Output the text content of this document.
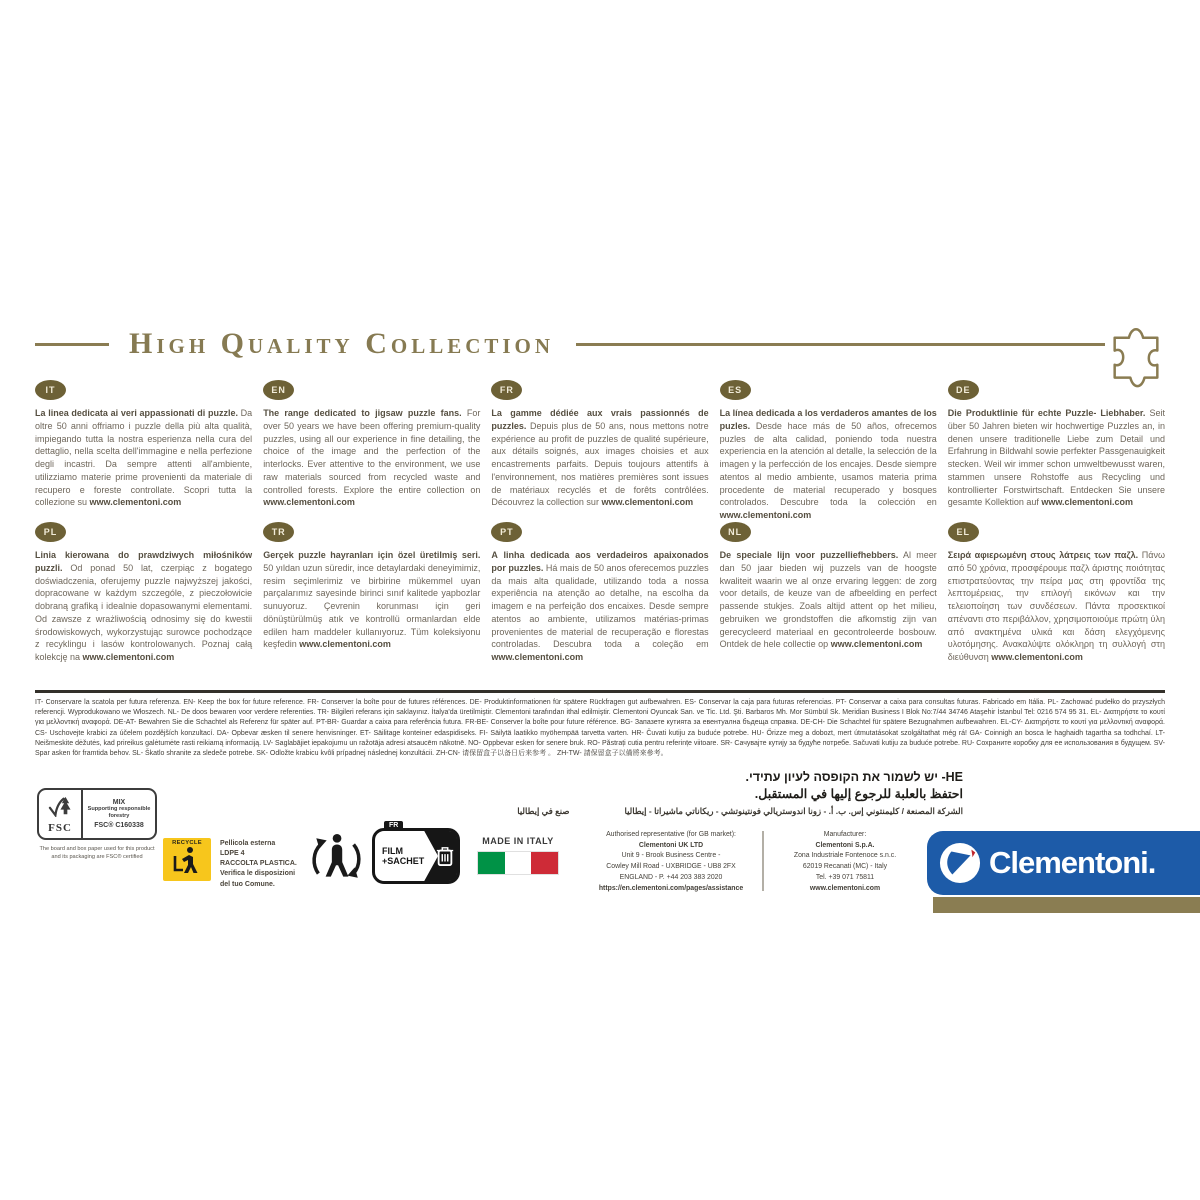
High Quality Collection
IT

La linea dedicata ai veri appassionati di puzzle. Da oltre 50 anni offriamo i puzzle della più alta qualità, impiegando tutta la nostra esperienza nella cura del dettaglio, nella scelta dell'immagine e nella perfezione degli incastri. Da sempre attenti all'ambiente, utilizziamo materie prime provenienti da materiale di recupero e foreste controllate. Scopri tutta la collezione su www.clementoni.com

EN

The range dedicated to jigsaw puzzle fans. For over 50 years we have been offering premium-quality puzzles, using all our experience in fine detailing, the choice of the image and the perfection of the interlocks. Ever attentive to the environment, we use raw materials sourced from recycled waste and controlled forests. Explore the entire collection on www.clementoni.com

FR

La gamme dédiée aux vrais passionnés de puzzles. Depuis plus de 50 ans, nous mettons notre expérience au profit de puzzles de qualité supérieure, aux détails soignés, aux images choisies et aux encastrements parfaits. Depuis toujours attentifs à l'environnement, nos matières premières sont issues de matériaux recyclés et de forêts contrôlées. Découvrez la collection sur www.clementoni.com

ES

La línea dedicada a los verdaderos amantes de los puzles. Desde hace más de 50 años, ofrecemos puzles de alta calidad, poniendo toda nuestra experiencia en la atención al detalle, la selección de la imagen y la perfección de los encajes. Desde siempre atentos al medio ambiente, usamos materia prima procedente de material recuperado y bosques controlados. Descubre toda la colección en www.clementoni.com

DE

Die Produktlinie für echte Puzzle- Liebhaber. Seit über 50 Jahren bieten wir hochwertige Puzzles an, in denen unsere traditionelle Liebe zum Detail und Erfahrung in Bildwahl sowie perfekter Passgenauigkeit stecken. Weil wir immer schon umweltbewusst waren, stammen unsere Rohstoffe aus Recycling und kontrollierter Forstwirtschaft. Entdecken Sie unsere gesamte Kollektion auf www.clementoni.com

PL

Linia kierowana do prawdziwych miłośników puzzli. Od ponad 50 lat, czerpiąc z bogatego doświadczenia, oferujemy puzzle najwyższej jakości, dopracowane w każdym szczególe, z pieczołowicie dobraną grafiką i idealnie dopasowanymi elementami. Od zawsze z wrażliwością odnosimy się do kwestii środowiskowych, wykorzystując surowce pochodzące z recyklingu i lasów kontrolowanych. Poznaj całą kolekcję na www.clementoni.com

TR

Gerçek puzzle hayranları için özel üretilmiş seri. 50 yıldan uzun süredir, ince detaylardaki deneyimimiz, resim seçimlerimiz ve birbirine mükemmel uyan parçalarımız sayesinde birinci sınıf kalitede yapbozlar sunuyoruz. Çevrenin korunması için geri dönüştürülmüş atık ve kontrollü ormanlardan elde edilen ham maddeler kullanıyoruz. Tüm koleksiyonu keşfedin www.clementoni.com

PT

A linha dedicada aos verdadeiros apaixonados por puzzles. Há mais de 50 anos oferecemos puzzles da mais alta qualidade, utilizando toda a nossa experiência na atenção ao detalhe, na escolha da imagem e na perfeição dos encaixes. Desde sempre atentos ao ambiente, utilizamos matérias-primas provenientes de material de recuperação e florestas controladas. Descubra toda a coleção em www.clementoni.com

NL

De speciale lijn voor puzzelliefhebbers. Al meer dan 50 jaar bieden wij puzzels van de hoogste kwaliteit waarin we al onze ervaring leggen: de zorg voor details, de keuze van de afbeelding en perfect passende stukjes. Zoals altijd attent op het milieu, gebruiken we grondstoffen die afkomstig zijn van gerecycleerd materiaal en gecontroleerde bosbouw. Ontdek de hele collectie op www.clementoni.com

EL

Σειρά αφιερωμένη στους λάτρεις των παζλ. Πάνω από 50 χρόνια, προσφέρουμε παζλ άριστης ποιότητας επιστρατεύοντας την πείρα μας στη φροντίδα της λεπτομέρειας, την επιλογή εικόνων και την τελειοποίηση των συνδέσεων. Πάντα προσεκτικοί απέναντι στο περιβάλλον, χρησιμοποιούμε πρώτη ύλη από ανακτημένα υλικά και δάση ελεγχόμενης υλοτόμησης. Ανακαλύψτε ολόκληρη τη συλλογή στη διεύθυνση www.clementoni.com

IT- Conservare la scatola per futura referenza. EN- Keep the box for future reference. FR- Conserver la boîte pour de futures références. DE- Produktinformationen für spätere Rückfragen gut aufbewahren. ES- Conservar la caja para futuras referencias. PT- Conservar a caixa para consultas futuras. Fabricado em Itália. PL- Zachować pudełko do przyszłych referencji. Wyprodukowano we Włoszech. NL- De doos bewaren voor verdere referenties. TR- Bilgileri referans için saklayınız. İtalya'da üretilmiştir. Clementoni tarafından ithal edilmiştir. Clementoni Oyuncak San. ve Tic. Ltd. Şti. Barbaros Mh. Mor Sümbül Sk. Meridian Business I Blok No:7/44 34746 Ataşehir İstanbul Tel: 0216 574 95 31. EL- Διατηρήστε το κουτί για μελλοντική αναφορά. DE-AT- Bewahren Sie die Schachtel als Referenz für später auf. PT-BR- Guardar a caixa para referência futura. FR-BE- Conserver la boîte pour future référence. BG- Запазете кутията за евентуална бъдеща справка. DE-CH- Die Schachtel für spätere Bezugnahmen aufbewahren. EL-CY- Διατηρήστε το κουτί για μελλοντική αναφορά. CS- Uschovejte krabici za účelem pozdějších konzultací. DA- Opbevar æsken til senere henvisninger. ET- Säilitage konteiner edaspidiseks. FI- Säilytä laatikko myöhempää tarvetta varten. HR- Čuvati kutiju za buduće potrebe. HU- Őrizze meg a dobozt, mert útmutatásokat szolgáltathat még rá! GA- Coinnigh an bosca le haghaidh tagartha sa todhchaí. LT- Neišmeskite dėžutės, kad prireikus galėtumėte rasti reikiamą informaciją. LV- Saglabājiet iepakojumu un ražotāja adresi atsaucēm nākotnē. NO- Oppbevar esken for senere bruk. RO- Păstrați cutia pentru referințe viitoare. SR- Сачувајте кутију за будуће потребе. Sačuvati kutiju za buduće potrebe. RU- Сохраните коробку для ее использования в будущем. SV- Spar asken för framtida behov. SL- Škatlo shranite za sledeče potrebe. SK- Odložte krabicu kvôli prípadnej následnej konzultácii. ZH-CN- 请保留盒子以备日后来参考 。 ZH-TW- 請保留盒子以備將來參考。

HE- יש לשמור את הקופסה לעיון עתידי.

احتفظ بالعلبة للرجوع إليها في المستقبل.

الشركة المصنعة / كليمنتوني إس. ب. أ. - زونا اندوستريالي فونتينوتشي - ريكاناتي ماشيراتا - إيطالياصنع في إيطاليا

FSC
MIX
Supporting responsible forestry
FSC® C160338
The board and box paper used for this product
and its packaging are FSC® certified
RECYCLE	Pellicola esterna
LDPE 4
RACCOLTA PLASTICA.
Verifica le disposizioni
del tuo Comune.
FR
FILM
+SACHET
MADE IN ITALY
Authorised representative (for GB market):
Clementoni UK LTD
Unit 9 - Brook Business Centre -
Cowley Mill Road - UXBRIDGE - UB8 2FX
ENGLAND - P. +44 203 383 2020
https://en.clementoni.com/pages/assistance
Manufacturer:
Clementoni S.p.A.
Zona Industriale Fontenoce s.n.c.
62019 Recanati (MC) - Italy
Tel. +39 071 75811
www.clementoni.com
Clementoni.
